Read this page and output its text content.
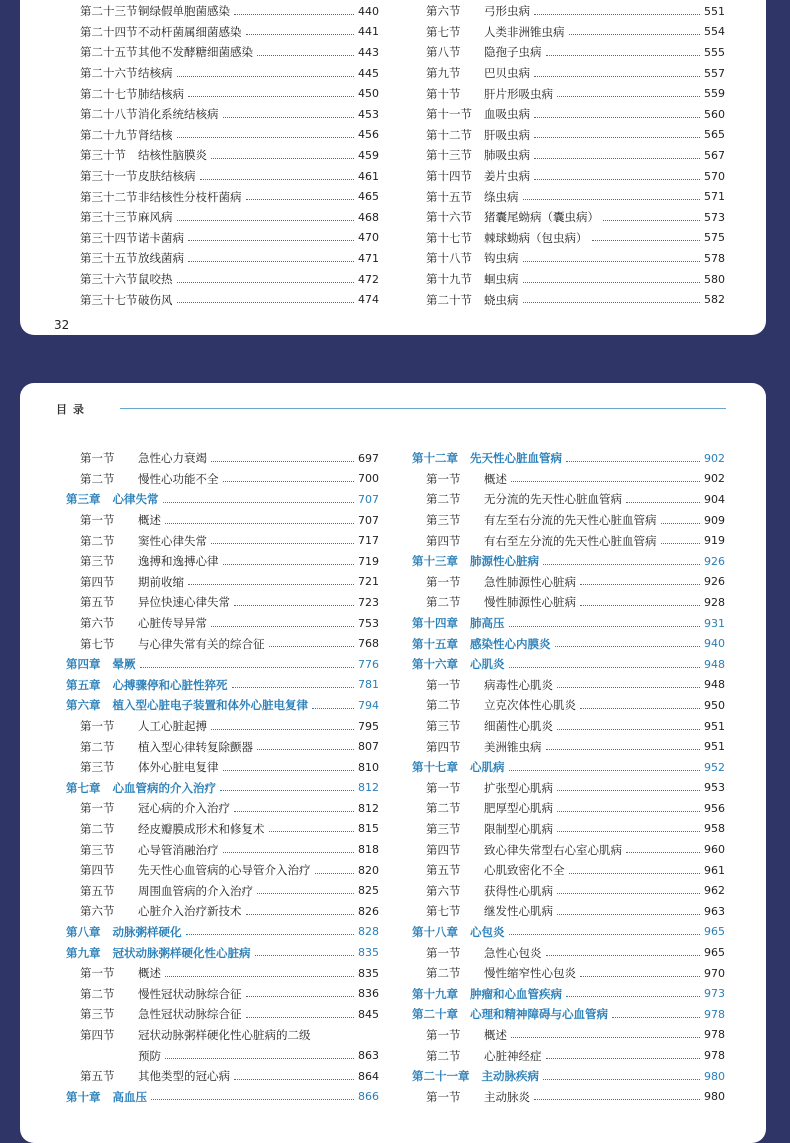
第二十三节 铜绿假单胞菌感染	440
第二十四节 不动杆菌属细菌感染	441
第二十五节 其他不发酵糖细菌感染	443
第二十六节 结核病	445
第二十七节 肺结核病	450
第二十八节 消化系统结核病	453
第二十九节 肾结核	456
第三十节	结核性脑膜炎	459
第三十一节 皮肤结核病	461
第三十二节 非结核性分枝杆菌病	465
第三十三节 麻风病	468
第三十四节 诺卡菌病	470
第三十五节 放线菌病	471
第三十六节 鼠咬热	472
第三十七节 破伤风	474
第六节	弓形虫病	551
第七节	人类非洲锥虫病	554
第八节	隐孢子虫病	555
第九节	巴贝虫病	557
第十节	肝片形吸虫病	559
第十一节	血吸虫病	560
第十二节	肝吸虫病	565
第十三节	肺吸虫病	567
第十四节	姜片虫病	570
第十五节	绦虫病	571
第十六节	猪囊尾蚴病（囊虫病）	573
第十七节	棘球蚴病（包虫病）	575
第十八节	钩虫病	578
第十九节	蛔虫病	580
第二十节	蛲虫病	582
32
目录
第一节	急性心力衰竭	697
第二节	慢性心功能不全	700
第三章 心律失常	707
第一节	概述	707
第二节	窦性心律失常	717
第三节	逸搏和逸搏心律	719
第四节	期前收缩	721
第五节	异位快速心律失常	723
第六节	心脏传导异常	753
第七节	与心律失常有关的综合征	768
第四章 晕厥	776
第五章 心搏骤停和心脏性猝死	781
第六章 植入型心脏电子装置和体外心脏电复律	794
第一节	人工心脏起搏	795
第二节	植入型心律转复除颤器	807
第三节	体外心脏电复律	810
第七章 心血管病的介入治疗	812
第一节	冠心病的介入治疗	812
第二节	经皮瓣膜成形术和修复术	815
第三节	心导管消融治疗	818
第四节	先天性心血管病的心导管介入治疗	820
第五节	周围血管病的介入治疗	825
第六节	心脏介入治疗新技术	826
第八章 动脉粥样硬化	828
第九章 冠状动脉粥样硬化性心脏病	835
第一节	概述	835
第二节	慢性冠状动脉综合征	836
第三节	急性冠状动脉综合征	845
第四节	冠状动脉粥样硬化性心脏病的二级
预防	863
第五节	其他类型的冠心病	864
第十章 高血压	866
第十二章 先天性心脏血管病	902
第一节	概述	902
第二节	无分流的先天性心脏血管病	904
第三节	有左至右分流的先天性心脏血管病	909
第四节	有右至左分流的先天性心脏血管病	919
第十三章 肺源性心脏病	926
第一节	急性肺源性心脏病	926
第二节	慢性肺源性心脏病	928
第十四章 肺高压	931
第十五章 感染性心内膜炎	940
第十六章 心肌炎	948
第一节	病毒性心肌炎	948
第二节	立克次体性心肌炎	950
第三节	细菌性心肌炎	951
第四节	美洲锥虫病	951
第十七章 心肌病	952
第一节	扩张型心肌病	953
第二节	肥厚型心肌病	956
第三节	限制型心肌病	958
第四节	致心律失常型右心室心肌病	960
第五节	心肌致密化不全	961
第六节	获得性心肌病	962
第七节	继发性心肌病	963
第十八章 心包炎	965
第一节	急性心包炎	965
第二节	慢性缩窄性心包炎	970
第十九章 肿瘤和心血管疾病	973
第二十章 心理和精神障碍与心血管病	978
第一节	概述	978
第二节	心脏神经症	978
第二十一章 主动脉疾病	980
第一节	主动脉炎	980
